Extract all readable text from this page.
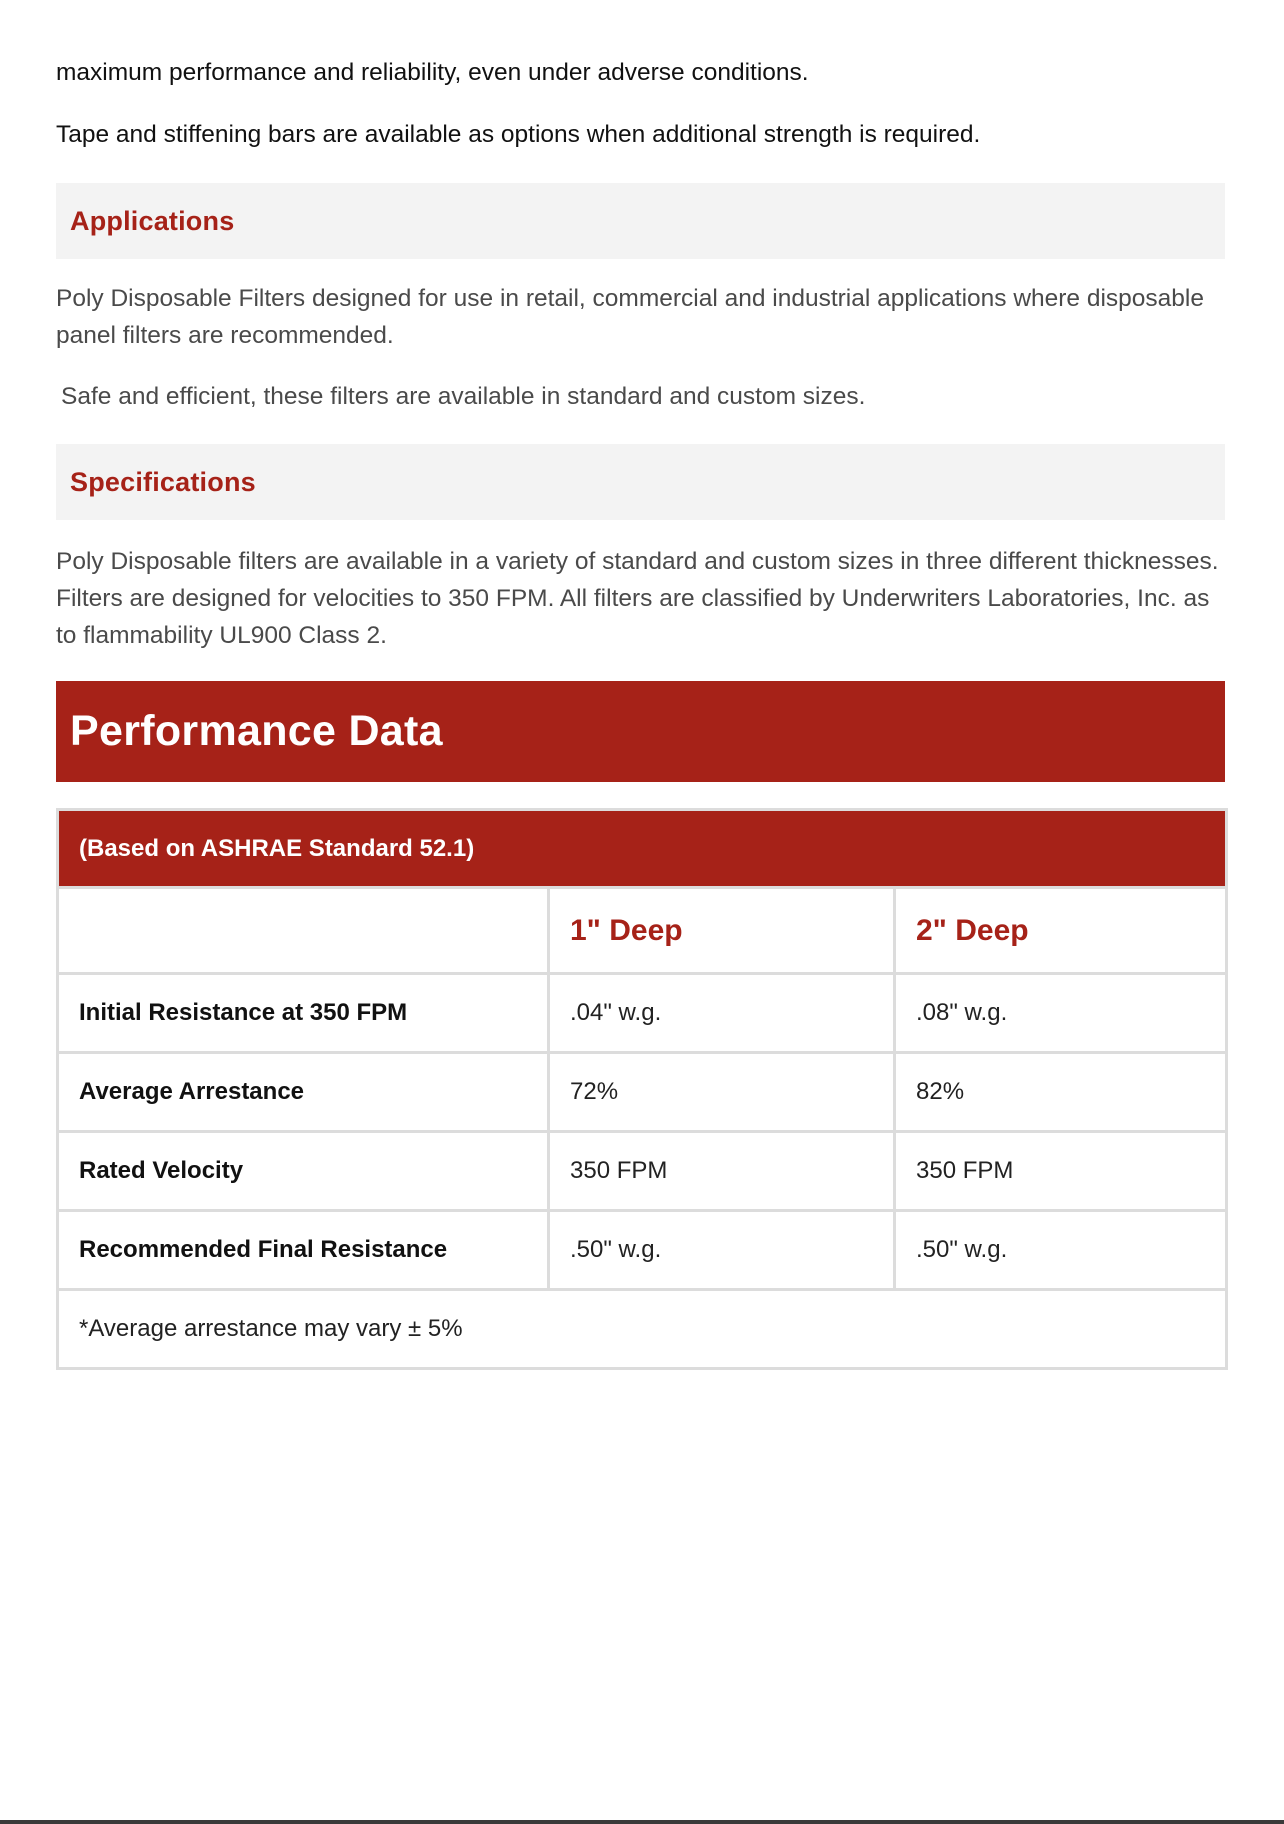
maximum performance and reliability, even under adverse conditions.

Tape and stiffening bars are available as options when additional strength is required.

Applications

Poly Disposable Filters designed for use in retail, commercial and industrial applications where disposable panel filters are recommended.

Safe and efficient, these filters are available in standard and custom sizes.

Specifications

Poly Disposable filters are available in a variety of standard and custom sizes in three different thicknesses. Filters are designed for velocities to 350 FPM. All filters are classified by Underwriters Laboratories, Inc. as to flammability UL900 Class 2.

Performance Data
(Based on ASHRAE Standard 52.1)		
	1" Deep	2" Deep
Initial Resistance at 350 FPM	.04" w.g.	.08" w.g.
Average Arrestance	72%	82%
Rated Velocity	350 FPM	350 FPM
Recommended Final Resistance	.50" w.g.	.50" w.g.
*Average arrestance may vary ± 5%		
